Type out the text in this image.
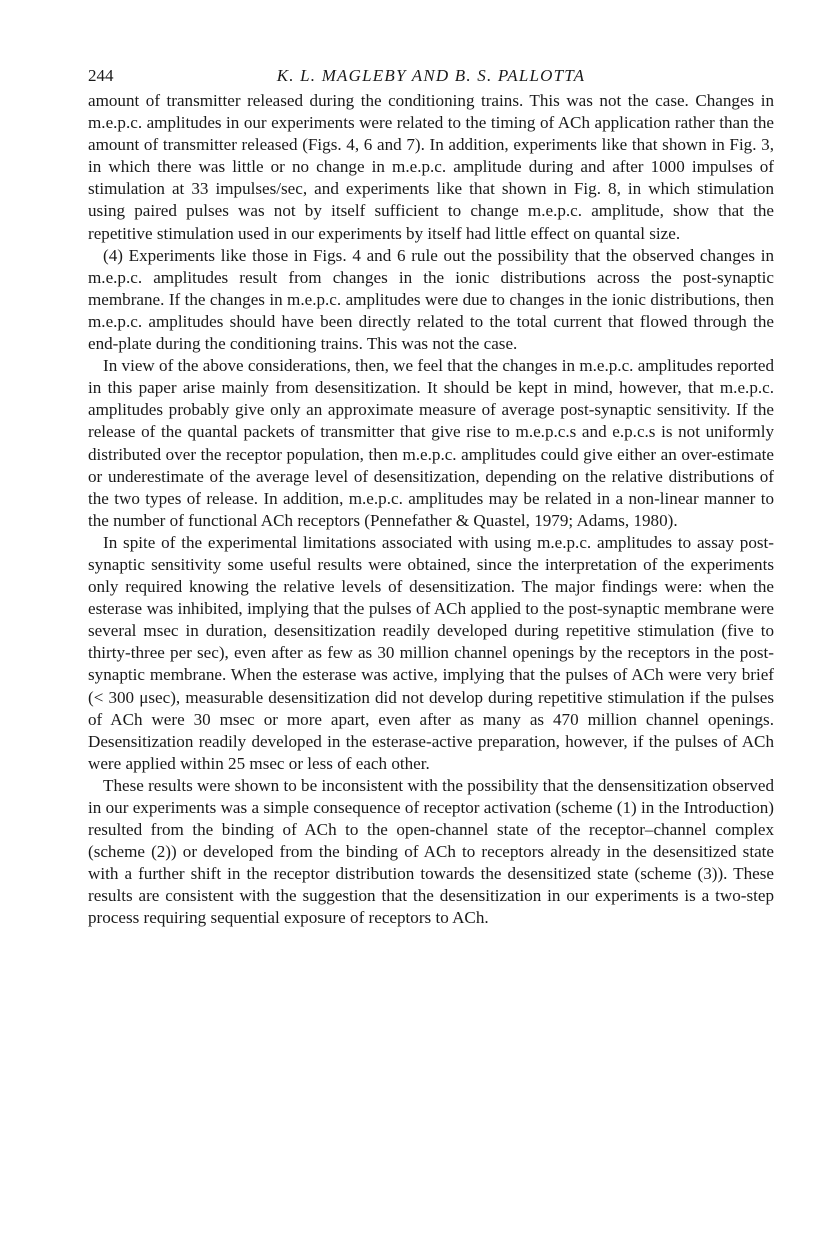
244	K. L. MAGLEBY AND B. S. PALLOTTA

amount of transmitter released during the conditioning trains. This was not the case. Changes in m.e.p.c. amplitudes in our experiments were related to the timing of ACh application rather than the amount of transmitter released (Figs. 4, 6 and 7). In addition, experiments like that shown in Fig. 3, in which there was little or no change in m.e.p.c. amplitude during and after 1000 impulses of stimulation at 33 impulses/sec, and experiments like that shown in Fig. 8, in which stimulation using paired pulses was not by itself sufficient to change m.e.p.c. amplitude, show that the repetitive stimulation used in our experiments by itself had little effect on quantal size.

(4) Experiments like those in Figs. 4 and 6 rule out the possibility that the observed changes in m.e.p.c. amplitudes result from changes in the ionic distributions across the post-synaptic membrane. If the changes in m.e.p.c. amplitudes were due to changes in the ionic distributions, then m.e.p.c. amplitudes should have been directly related to the total current that flowed through the end-plate during the conditioning trains. This was not the case.

In view of the above considerations, then, we feel that the changes in m.e.p.c. amplitudes reported in this paper arise mainly from desensitization. It should be kept in mind, however, that m.e.p.c. amplitudes probably give only an approximate measure of average post-synaptic sensitivity. If the release of the quantal packets of transmitter that give rise to m.e.p.c.s and e.p.c.s is not uniformly distributed over the receptor population, then m.e.p.c. amplitudes could give either an over-estimate or underestimate of the average level of desensitization, depending on the relative distributions of the two types of release. In addition, m.e.p.c. amplitudes may be related in a non-linear manner to the number of functional ACh receptors (Pennefather & Quastel, 1979; Adams, 1980).

In spite of the experimental limitations associated with using m.e.p.c. amplitudes to assay post-synaptic sensitivity some useful results were obtained, since the interpretation of the experiments only required knowing the relative levels of desensitization. The major findings were: when the esterase was inhibited, implying that the pulses of ACh applied to the post-synaptic membrane were several msec in duration, desensitization readily developed during repetitive stimulation (five to thirty-three per sec), even after as few as 30 million channel openings by the receptors in the post-synaptic membrane. When the esterase was active, implying that the pulses of ACh were very brief (< 300 μsec), measurable desensitization did not develop during repetitive stimulation if the pulses of ACh were 30 msec or more apart, even after as many as 470 million channel openings. Desensitization readily developed in the esterase-active preparation, however, if the pulses of ACh were applied within 25 msec or less of each other.

These results were shown to be inconsistent with the possibility that the densensitization observed in our experiments was a simple consequence of receptor activation (scheme (1) in the Introduction) resulted from the binding of ACh to the open-channel state of the receptor–channel complex (scheme (2)) or developed from the binding of ACh to receptors already in the desensitized state with a further shift in the receptor distribution towards the desensitized state (scheme (3)). These results are consistent with the suggestion that the desensitization in our experiments is a two-step process requiring sequential exposure of receptors to ACh.
